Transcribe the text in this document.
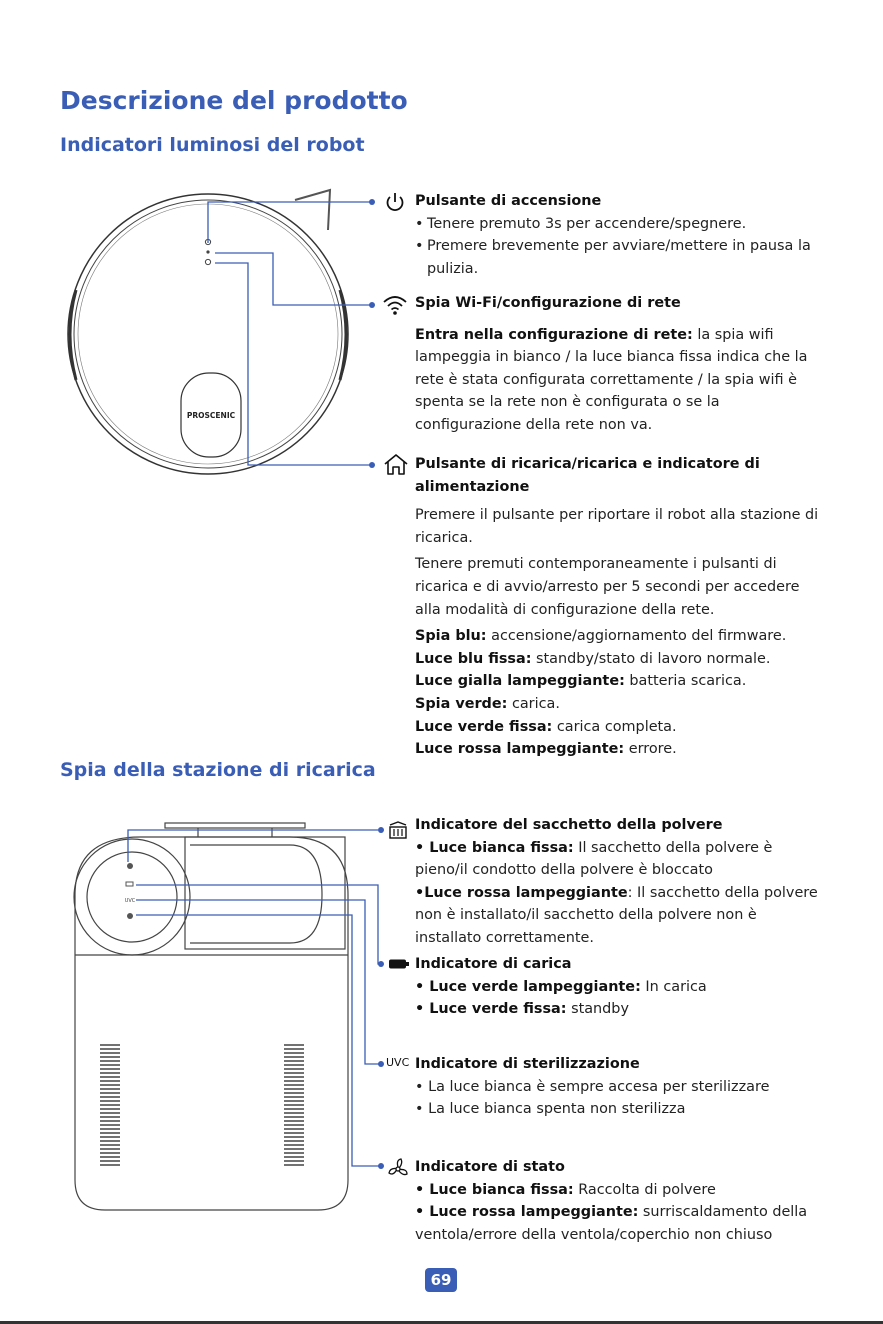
Descrizione del prodotto
Indicatori luminosi del robot
PROSCENIC

Pulsante di accensione

• Tenere premuto 3s per accendere/spegnere.
• Premere brevemente per avviare/mettere in pausa la pulizia.

Spia Wi-Fi/configurazione di rete

Entra nella configurazione di rete: la spia wifi lampeggia in bianco / la luce bianca fissa indica che la rete è stata configurata correttamente / la spia wifi è spenta se la rete non è configurata o se la configurazione della rete non va.

Pulsante di ricarica/ricarica e indicatore di alimentazione

Premere il pulsante per riportare il robot alla stazione di ricarica.

Tenere premuti contemporaneamente i pulsanti di ricarica e di avvio/arresto per 5 secondi per accedere alla modalità di configurazione della rete.

Spia blu: accensione/aggiornamento del firmware.

Luce blu fissa: standby/stato di lavoro normale.

Luce gialla lampeggiante: batteria scarica.

Spia verde: carica.

Luce verde fissa: carica completa.

Luce rossa lampeggiante: errore.

Spia della stazione di ricarica
UVC
UVC

Indicatore del sacchetto della polvere

• Luce bianca fissa: Il sacchetto della polvere è pieno/il condotto della polvere è bloccato

•Luce rossa lampeggiante: Il sacchetto della polvere non è installato/il sacchetto della polvere non è installato correttamente.

Indicatore di carica

• Luce verde lampeggiante: In carica

• Luce verde fissa: standby

Indicatore di sterilizzazione

• La luce bianca è sempre accesa per sterilizzare

• La luce bianca spenta non sterilizza

Indicatore di stato

• Luce bianca fissa: Raccolta di polvere

• Luce rossa lampeggiante: surriscaldamento della ventola/errore della ventola/coperchio non chiuso

69
